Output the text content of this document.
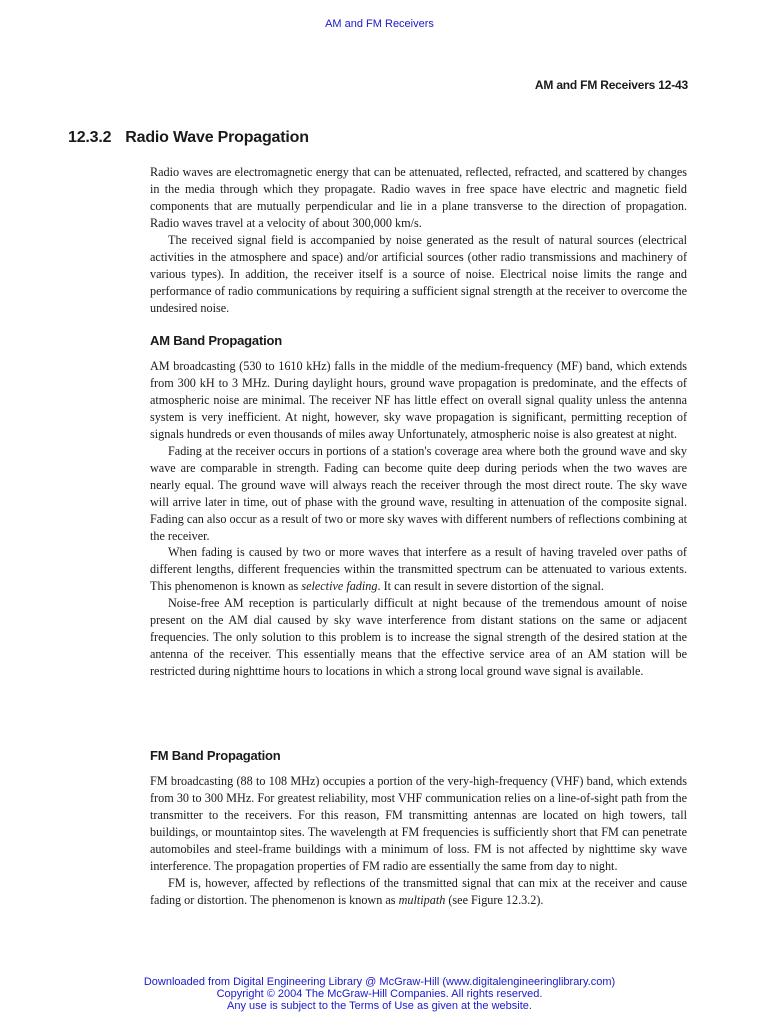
AM and FM Receivers
AM and FM Receivers 12-43
12.3.2 Radio Wave Propagation

Radio waves are electromagnetic energy that can be attenuated, reflected, refracted, and scattered by changes in the media through which they propagate. Radio waves in free space have electric and magnetic field components that are mutually perpendicular and lie in a plane transverse to the direction of propagation. Radio waves travel at a velocity of about 300,000 km/s.

The received signal field is accompanied by noise generated as the result of natural sources (electrical activities in the atmosphere and space) and/or artificial sources (other radio transmissions and machinery of various types). In addition, the receiver itself is a source of noise. Electrical noise limits the range and performance of radio communications by requiring a sufficient signal strength at the receiver to overcome the undesired noise.

AM Band Propagation

AM broadcasting (530 to 1610 kHz) falls in the middle of the medium-frequency (MF) band, which extends from 300 kH to 3 MHz. During daylight hours, ground wave propagation is predominate, and the effects of atmospheric noise are minimal. The receiver NF has little effect on overall signal quality unless the antenna system is very inefficient. At night, however, sky wave propagation is significant, permitting reception of signals hundreds or even thousands of miles away Unfortunately, atmospheric noise is also greatest at night.

Fading at the receiver occurs in portions of a station's coverage area where both the ground wave and sky wave are comparable in strength. Fading can become quite deep during periods when the two waves are nearly equal. The ground wave will always reach the receiver through the most direct route. The sky wave will arrive later in time, out of phase with the ground wave, resulting in attenuation of the composite signal. Fading can also occur as a result of two or more sky waves with different numbers of reflections combining at the receiver.

When fading is caused by two or more waves that interfere as a result of having traveled over paths of different lengths, different frequencies within the transmitted spectrum can be attenuated to various extents. This phenomenon is known as selective fading. It can result in severe distortion of the signal.

Noise-free AM reception is particularly difficult at night because of the tremendous amount of noise present on the AM dial caused by sky wave interference from distant stations on the same or adjacent frequencies. The only solution to this problem is to increase the signal strength of the desired station at the antenna of the receiver. This essentially means that the effective service area of an AM station will be restricted during nighttime hours to locations in which a strong local ground wave signal is available.

FM Band Propagation

FM broadcasting (88 to 108 MHz) occupies a portion of the very-high-frequency (VHF) band, which extends from 30 to 300 MHz. For greatest reliability, most VHF communication relies on a line-of-sight path from the transmitter to the receivers. For this reason, FM transmitting antennas are located on high towers, tall buildings, or mountaintop sites. The wavelength at FM frequencies is sufficiently short that FM can penetrate automobiles and steel-frame buildings with a minimum of loss. FM is not affected by nighttime sky wave interference. The propagation properties of FM radio are essentially the same from day to night.

FM is, however, affected by reflections of the transmitted signal that can mix at the receiver and cause fading or distortion. The phenomenon is known as multipath (see Figure 12.3.2).

Downloaded from Digital Engineering Library @ McGraw-Hill (www.digitalengineeringlibrary.com)
Copyright © 2004 The McGraw-Hill Companies. All rights reserved.
Any use is subject to the Terms of Use as given at the website.
